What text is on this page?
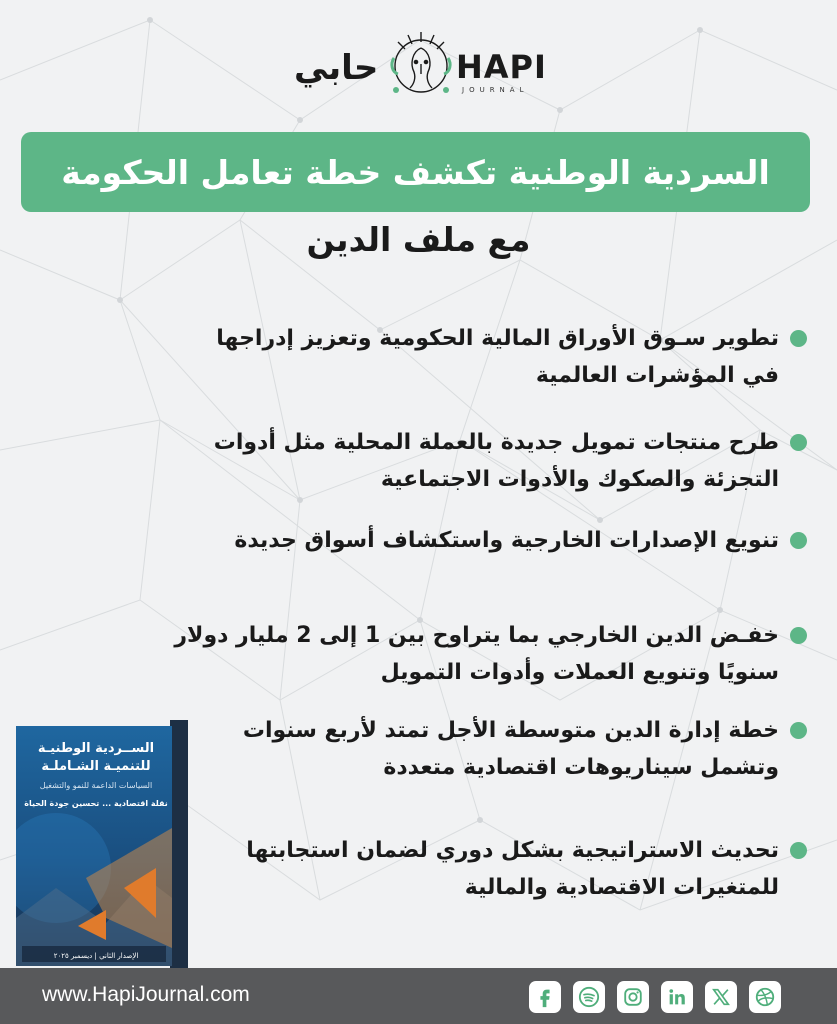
حابي HAPI
JOURNAL
السردية الوطنية تكشف خطة تعامل الحكومة
مع ملف الدين
تطوير سـوق الأوراق المالية الحكومية وتعزيز إدراجها
في المؤشرات العالمية
طرح منتجات تمويل جديدة بالعملة المحلية مثل أدوات
التجزئة والصكوك والأدوات الاجتماعية
تنويع الإصدارات الخارجية واستكشاف أسواق جديدة
خفـض الدين الخارجي بما يتراوح بين 1 إلى 2 مليار دولار
سنويًا وتنويع العملات وأدوات التمويل
خطة إدارة الدين متوسطة الأجل تمتد لأربع سنوات
وتشمل سيناريوهات اقتصادية متعددة
تحديث الاستراتيجية بشكل دوري لضمان استجابتها
للمتغيرات الاقتصادية والمالية
الســردية الوطنيـة
للتنميـة الشـاملـة
السياسات الداعمة للنمو والتشغيل
نقلة اقتصادية ... تحسين جودة الحياة
الإصدار الثاني | ديسمبر ٢٠٢٥
www.HapiJournal.com
